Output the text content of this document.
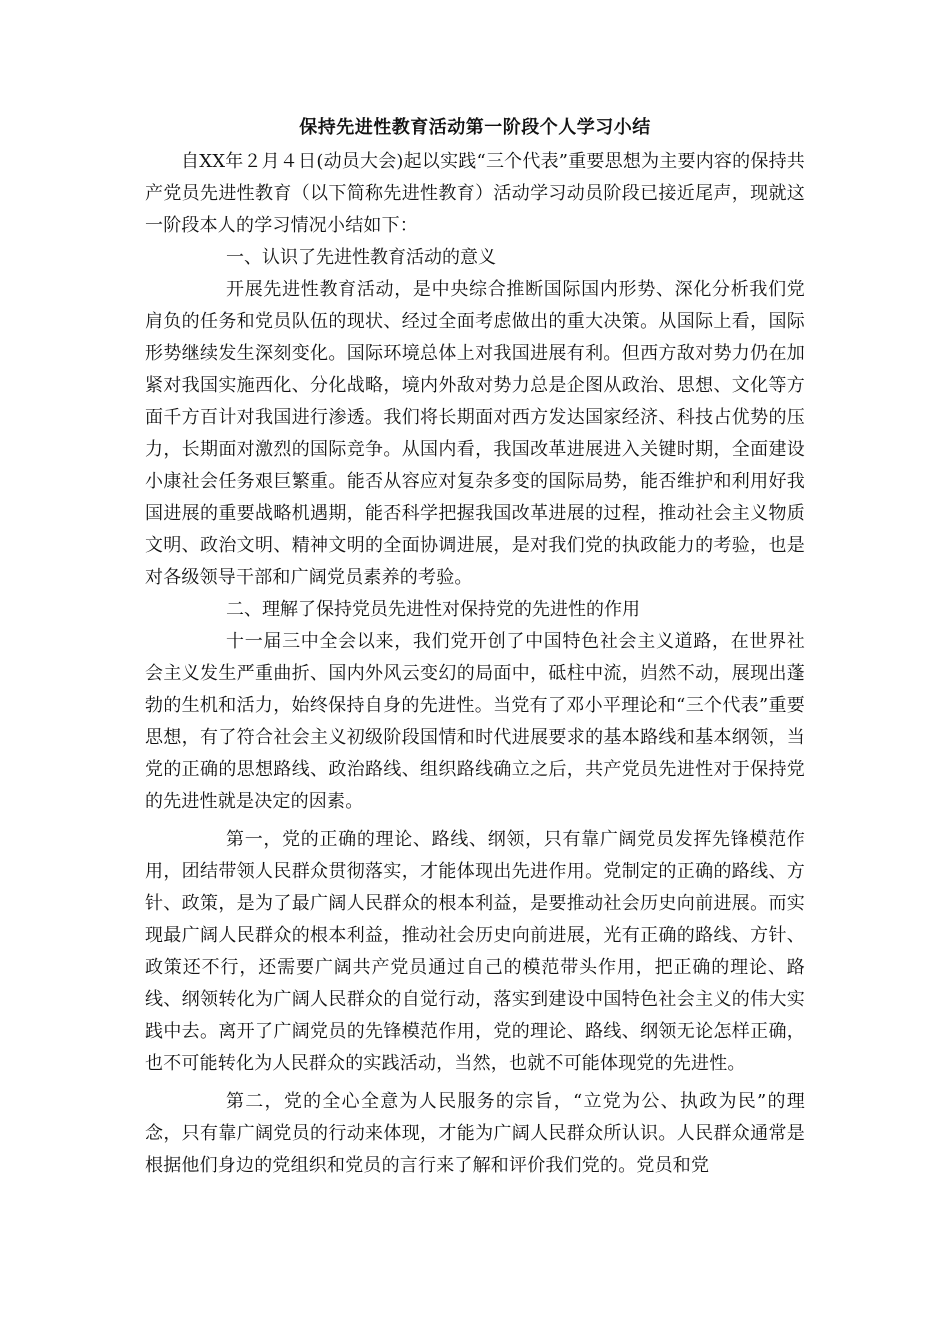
保持先进性教育活动第一阶段个人学习小结

自XX年２月４日(动员大会)起以实践“三个代表”重要思想为主要内容的保持共产党员先进性教育（以下简称先进性教育）活动学习动员阶段已接近尾声，现就这一阶段本人的学习情况小结如下：

一、认识了先进性教育活动的意义

开展先进性教育活动，是中央综合推断国际国内形势、深化分析我们党肩负的任务和党员队伍的现状、经过全面考虑做出的重大决策。从国际上看，国际形势继续发生深刻变化。国际环境总体上对我国进展有利。但西方敌对势力仍在加紧对我国实施西化、分化战略，境内外敌对势力总是企图从政治、思想、文化等方面千方百计对我国进行渗透。我们将长期面对西方发达国家经济、科技占优势的压力，长期面对激烈的国际竞争。从国内看，我国改革进展进入关键时期，全面建设小康社会任务艰巨繁重。能否从容应对复杂多变的国际局势，能否维护和利用好我国进展的重要战略机遇期，能否科学把握我国改革进展的过程，推动社会主义物质文明、政治文明、精神文明的全面协调进展，是对我们党的执政能力的考验，也是对各级领导干部和广阔党员素养的考验。

二、理解了保持党员先进性对保持党的先进性的作用

十一届三中全会以来，我们党开创了中国特色社会主义道路，在世界社会主义发生严重曲折、国内外风云变幻的局面中，砥柱中流，岿然不动，展现出蓬勃的生机和活力，始终保持自身的先进性。当党有了邓小平理论和“三个代表”重要思想，有了符合社会主义初级阶段国情和时代进展要求的基本路线和基本纲领，当党的正确的思想路线、政治路线、组织路线确立之后，共产党员先进性对于保持党的先进性就是决定的因素。

第一，党的正确的理论、路线、纲领，只有靠广阔党员发挥先锋模范作用，团结带领人民群众贯彻落实，才能体现出先进作用。党制定的正确的路线、方针、政策，是为了最广阔人民群众的根本利益，是要推动社会历史向前进展。而实现最广阔人民群众的根本利益，推动社会历史向前进展，光有正确的路线、方针、政策还不行，还需要广阔共产党员通过自己的模范带头作用，把正确的理论、路线、纲领转化为广阔人民群众的自觉行动，落实到建设中国特色社会主义的伟大实践中去。离开了广阔党员的先锋模范作用，党的理论、路线、纲领无论怎样正确，也不可能转化为人民群众的实践活动，当然，也就不可能体现党的先进性。

第二，党的全心全意为人民服务的宗旨，“立党为公、执政为民”的理念，只有靠广阔党员的行动来体现，才能为广阔人民群众所认识。人民群众通常是根据他们身边的党组织和党员的言行来了解和评价我们党的。党员和党
